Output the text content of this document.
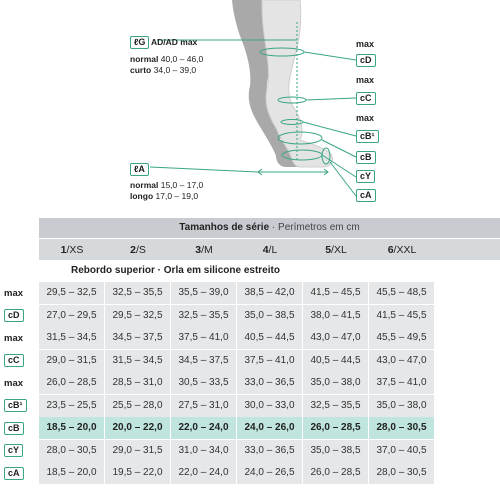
ℓG AD/AD max
normal 40,0 – 46,0
curto 34,0 – 39,0
ℓA
normal 15,0 – 17,0
longo 17,0 – 19,0
max
cD
max
cC
max
cB¹
cB
cY
cA
Tamanhos de série · Perímetros em cm
1/XS	2/S	3/M	4/L	5/XL	6/XXL
Rebordo superior · Orla em silicone estreito
max	29,5 – 32,5	32,5 – 35,5	35,5 – 39,0	38,5 – 42,0	41,5 – 45,5	45,5 – 48,5
cD	27,0 – 29,5	29,5 – 32,5	32,5 – 35,5	35,0 – 38,5	38,0 – 41,5	41,5 – 45,5
max	31,5 – 34,5	34,5 – 37,5	37,5 – 41,0	40,5 – 44,5	43,0 – 47,0	45,5 – 49,5
cC	29,0 – 31,5	31,5 – 34,5	34,5 – 37,5	37,5 – 41,0	40,5 – 44,5	43,0 – 47,0
max	26,0 – 28,5	28,5 – 31,0	30,5 – 33,5	33,0 – 36,5	35,0 – 38,0	37,5 – 41,0
cB¹	23,5 – 25,5	25,5 – 28,0	27,5 – 31,0	30,0 – 33,0	32,5 – 35,5	35,0 – 38,0
cB	18,5 – 20,0	20,0 – 22,0	22,0 – 24,0	24,0 – 26,0	26,0 – 28,5	28,0 – 30,5
cY	28,0 – 30,5	29,0 – 31,5	31,0 – 34,0	33,0 – 36,5	35,0 – 38,5	37,0 – 40,5
cA	18,5 – 20,0	19,5 – 22,0	22,0 – 24,0	24,0 – 26,5	26,0 – 28,5	28,0 – 30,5
